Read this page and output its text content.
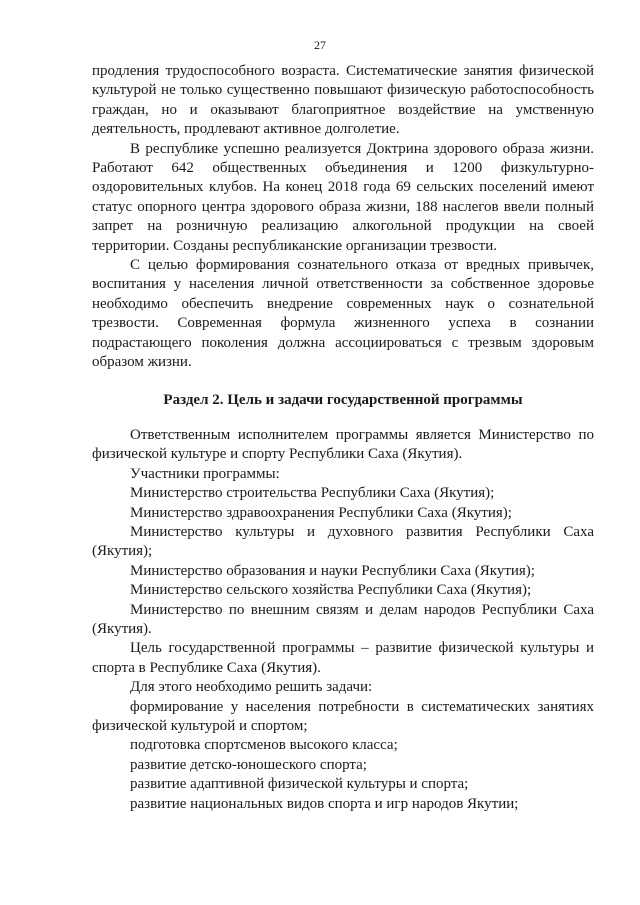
27

продления трудоспособного возраста. Систематические занятия физической культурой не только существенно повышают физическую работоспособность граждан, но и оказывают благоприятное воздействие на умственную деятельность, продлевают активное долголетие.

В республике успешно реализуется Доктрина здорового образа жизни. Работают 642 общественных объединения и 1200 физкультурно-оздоровительных клубов. На конец 2018 года 69 сельских поселений имеют статус опорного центра здорового образа жизни, 188 наслегов ввели полный запрет на розничную реализацию алкогольной продукции на своей территории. Созданы республиканские организации трезвости.

С целью формирования сознательного отказа от вредных привычек, воспитания у населения личной ответственности за собственное здоровье необходимо обеспечить внедрение современных наук о сознательной трезвости. Современная формула жизненного успеха в сознании подрастающего поколения должна ассоциироваться с трезвым здоровым образом жизни.

Раздел 2. Цель и задачи государственной программы

Ответственным исполнителем программы является Министерство по физической культуре и спорту Республики Саха (Якутия).

Участники программы:

Министерство строительства Республики Саха (Якутия);

Министерство здравоохранения Республики Саха (Якутия);

Министерство культуры и духовного развития Республики Саха (Якутия);

Министерство образования и науки Республики Саха (Якутия);

Министерство сельского хозяйства Республики Саха (Якутия);

Министерство по внешним связям и делам народов Республики Саха (Якутия).

Цель государственной программы – развитие физической культуры и спорта в Республике Саха (Якутия).

Для этого необходимо решить задачи:

формирование у населения потребности в систематических занятиях физической культурой и спортом;

подготовка спортсменов высокого класса;

развитие детско-юношеского спорта;

развитие адаптивной физической культуры и спорта;

развитие национальных видов спорта и игр народов Якутии;
